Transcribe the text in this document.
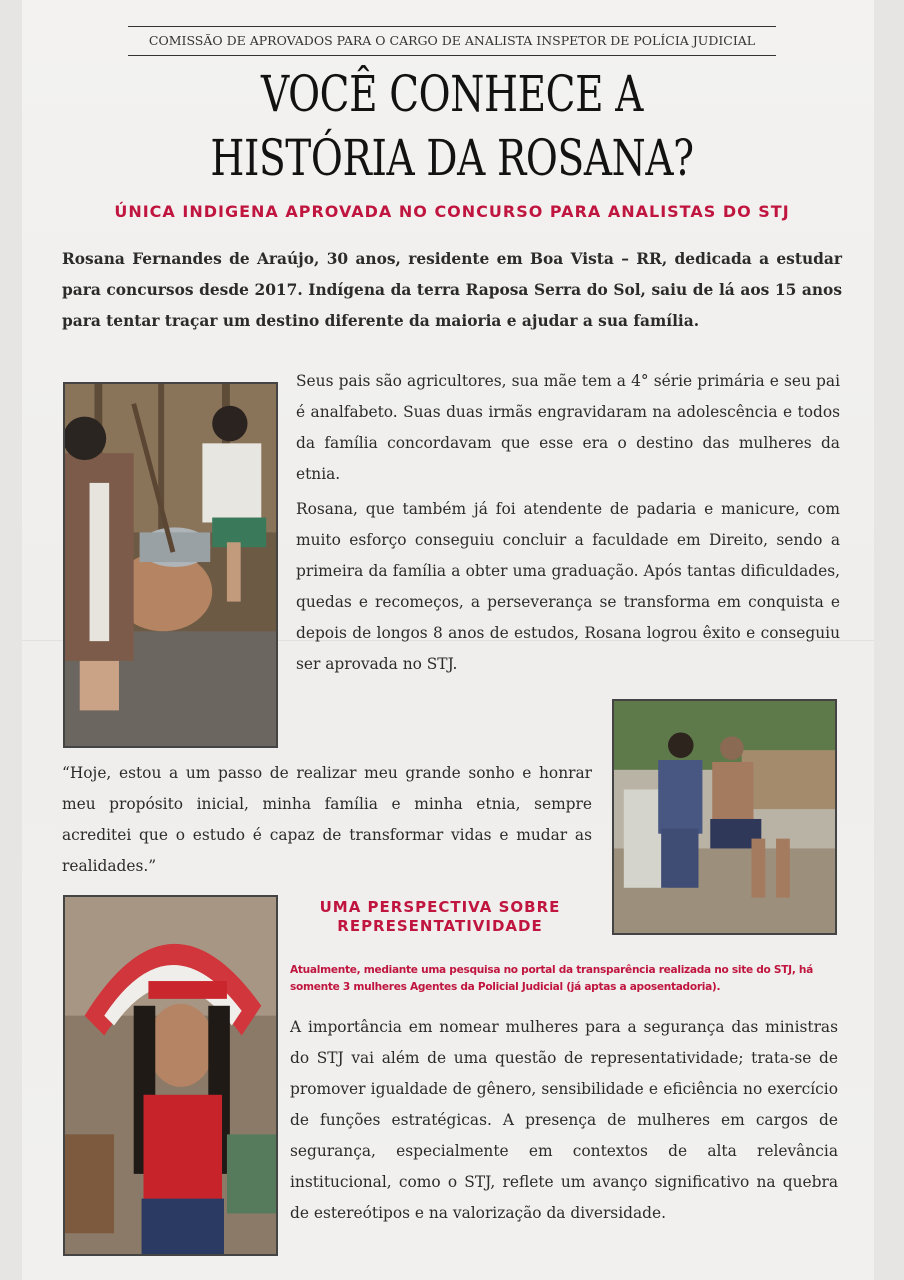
COMISSÃO DE APROVADOS PARA O CARGO DE ANALISTA INSPETOR DE POLÍCIA JUDICIAL
VOCÊ CONHECE A
HISTÓRIA DA ROSANA?
ÚNICA INDIGENA APROVADA NO CONCURSO PARA ANALISTAS DO STJ

Rosana Fernandes de Araújo, 30 anos, residente em Boa Vista – RR, dedicada a estudar para concursos desde 2017. Indígena da terra Raposa Serra do Sol, saiu de lá aos 15 anos para tentar traçar um destino diferente da maioria e ajudar a sua família.

Seus pais são agricultores, sua mãe tem a 4° série primária e seu pai é analfabeto. Suas duas irmãs engravidaram na adolescência e todos da família concordavam que esse era o destino das mulheres da etnia.

Rosana, que também já foi atendente de padaria e manicure, com muito esforço conseguiu concluir a faculdade em Direito, sendo a primeira da família a obter uma graduação. Após tantas dificuldades, quedas e recomeços, a perseverança se transforma em conquista e depois de longos 8 anos de estudos, Rosana logrou êxito e conseguiu ser aprovada no STJ.

“Hoje, estou a um passo de realizar meu grande sonho e honrar meu propósito inicial, minha família e minha etnia, sempre acreditei que o estudo é capaz de transformar vidas e mudar as realidades.”

UMA PERSPECTIVA SOBRE
REPRESENTATIVIDADE

Atualmente, mediante uma pesquisa no portal da transparência realizada no site do STJ, há somente 3 mulheres Agentes da Policial Judicial (já aptas a aposentadoria).

A importância em nomear mulheres para a segurança das ministras do STJ vai além de uma questão de representatividade; trata-se de promover igualdade de gênero, sensibilidade e eficiência no exercício de funções estratégicas. A presença de mulheres em cargos de segurança, especialmente em contextos de alta relevância institucional, como o STJ, reflete um avanço significativo na quebra de estereótipos e na valorização da diversidade.
